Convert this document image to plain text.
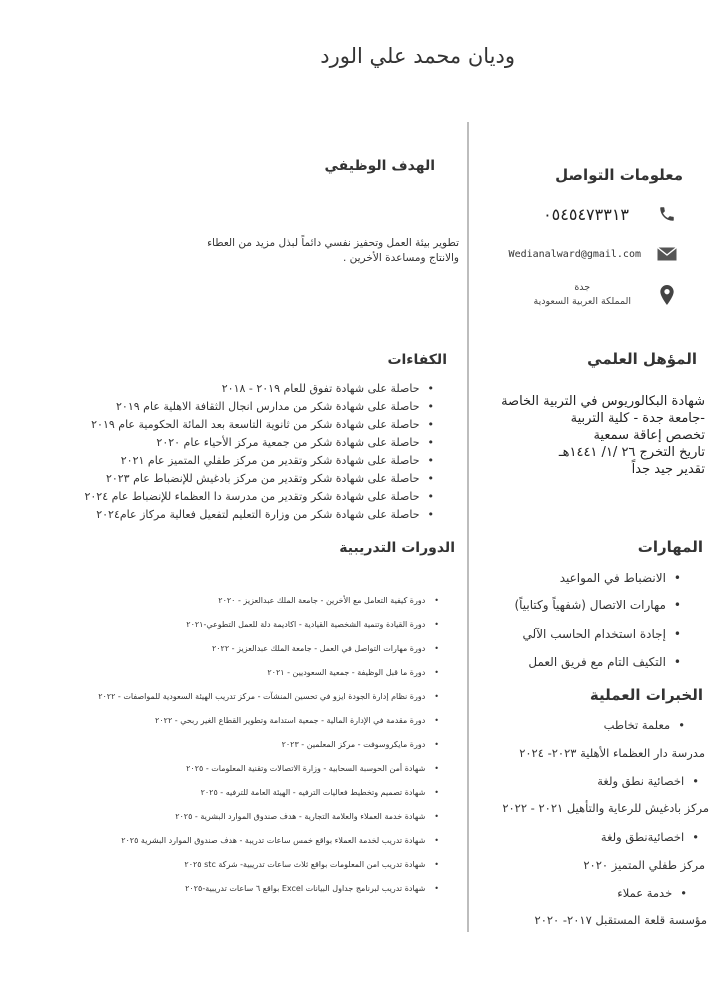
وديان محمد علي الورد
معلومات التواصل
٠٥٤٥٤٧٣٣١٣
Wedianalward@gmail.com
جدة
المملكة العربية السعودية
المؤهل العلمي
شهادة البكالوريوس في التربية الخاصة
-جامعة جدة - كلية التربية
تخصص إعاقة سمعية
تاريخ التخرج ٢٦ /١/ ١٤٤١هـ
تقدير جيد جداً
المهارات
• الانضباط في المواعيد
• مهارات الاتصال (شفهياً وكتابياً)
• إجادة استخدام الحاسب الآلي
• التكيف التام مع فريق العمل
الخبرات العملية
• معلمة تخاطب
مدرسة دار العظماء الأهلية ٢٠٢٣- ٢٠٢٤
• اخصائية نطق ولغة
مركز بادغيش للرعاية والتأهيل ٢٠٢١ - ٢٠٢٢
• اخصائيةنطق ولغة
مركز طفلي المتميز ٢٠٢٠
• خدمة عملاء
مؤسسة قلعة المستقبل ٢٠١٧- ٢٠٢٠
الهدف الوظيفي
تطوير بيئة العمل وتحفيز نفسي دائماً لبذل مزيد من العطاء والانتاج ومساعدة الأخرين .
الكفاءات
• حاصلة على شهادة تفوق للعام ٢٠١٩ - ٢٠١٨
• حاصلة على شهادة شكر من مدارس انجال الثقافة الاهلية عام ٢٠١٩
• حاصلة على شهادة شكر من ثانوية التاسعة بعد المائة الحكومية عام ٢٠١٩
• حاصلة على شهادة شكر من جمعية مركز الأحياء عام ٢٠٢٠
• حاصلة على شهادة شكر وتقدير من مركز طفلي المتميز عام ٢٠٢١
• حاصلة على شهادة شكر وتقدير من مركز بادغيش للإنضباط عام ٢٠٢٣
• حاصلة على شهادة شكر وتقدير من مدرسة دا العظماء للإنضباط عام ٢٠٢٤
• حاصلة على شهادة شكر من وزارة التعليم لتفعيل فعالية مركاز عام٢٠٢٤
الدورات التدريبية
• دورة كيفية التعامل مع الأخرين - جامعة الملك عبدالعزيز - ٢٠٢٠
• دورة القيادة وتنمية الشخصية القيادية - اكاديمة دلة للعمل التطوعي-٢٠٢١
• دورة مهارات التواصل في العمل - جامعة الملك عبدالعزيز - ٢٠٢٢
• دورة ما قبل الوظيفة - جمعية السعوديين - ٢٠٢١
• دورة نظام إدارة الجودة ايزو في تحسين المنشآت - مركز تدريب الهيئة السعودية للمواصفات - ٢٠٢٢
• دورة مقدمة في الإدارة المالية - جمعية استدامة وتطوير القطاع الغير ربحي - ٢٠٢٢
• دورة مايكروسوفت - مركز المعلمين - ٢٠٢٣
• شهادة أمن الحوسبة السحابية - وزارة الاتصالات وتقنية المعلومات - ٢٠٢٥
• شهادة تصميم وتخطيط فعاليات الترفيه - الهيئة العامة للترفيه - ٢٠٢٥
• شهادة خدمة العملاء والعلامة التجارية - هدف صندوق الموارد البشرية - ٢٠٢٥
• شهادة تدريب لخدمة العملاء بواقع خمس ساعات تدريبة - هدف صندوق الموارد البشرية ٢٠٢٥
• شهادة تدريب امن المعلومات بواقع ثلاث ساعات تدريبية- شركة stc ٢٠٢٥
• شهادة تدريب لبرنامج جداول البيانات Excel بواقع ٦ ساعات تدريبية-٢٠٢٥
